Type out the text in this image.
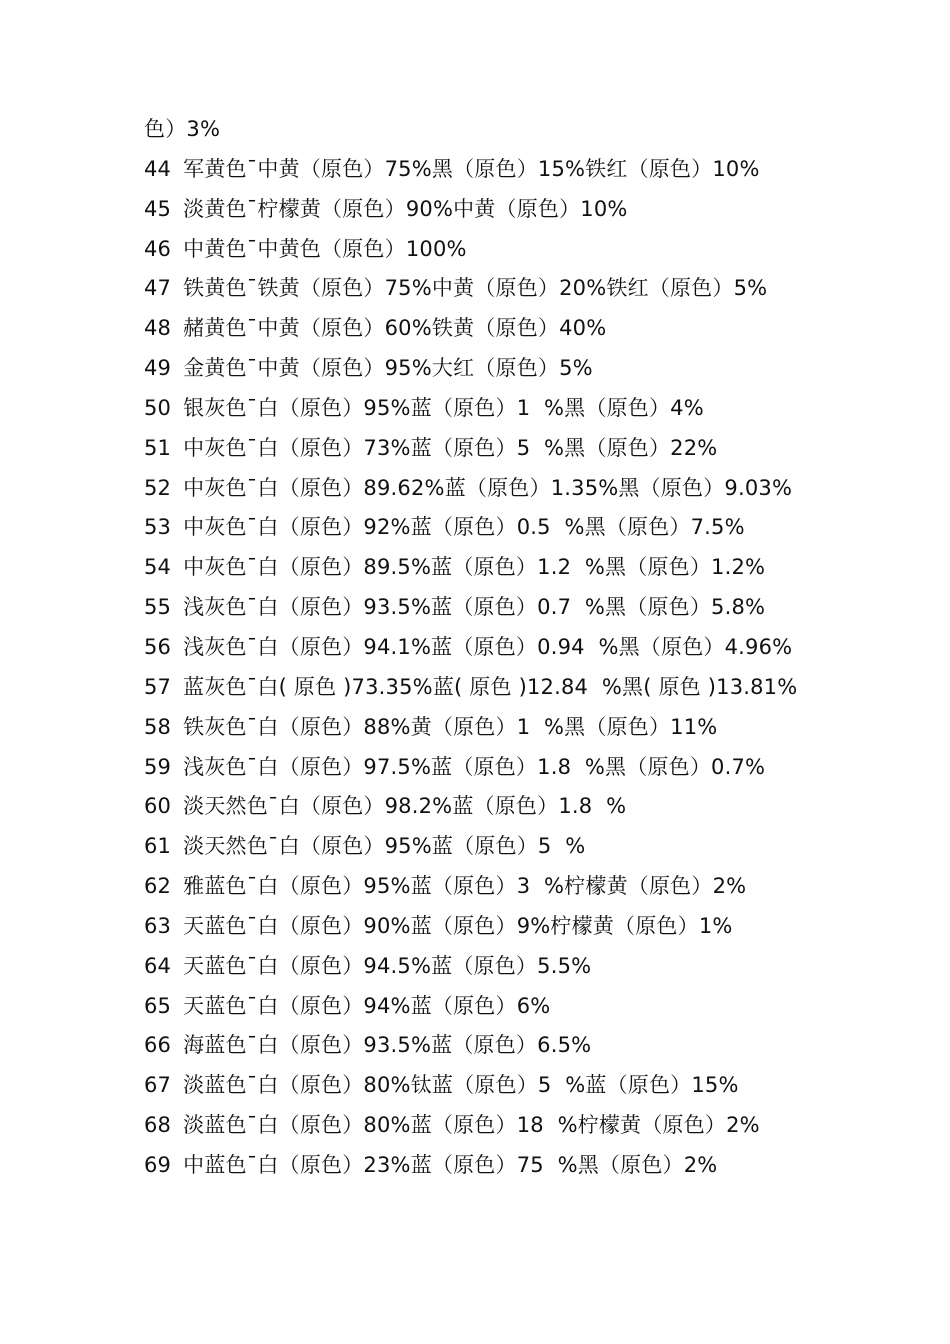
色）3%
44 军黄色¯中黄（原色）75%黑（原色）15%铁红（原色）10%
45 淡黄色¯柠檬黄（原色）90%中黄（原色）10%
46 中黄色¯中黄色（原色）100%
47 铁黄色¯铁黄（原色）75%中黄（原色）20%铁红（原色）5%
48 赭黄色¯中黄（原色）60%铁黄（原色）40%
49 金黄色¯中黄（原色）95%大红（原色）5%
50 银灰色¯白（原色）95%蓝（原色）1  %黑（原色）4%
51 中灰色¯白（原色）73%蓝（原色）5  %黑（原色）22%
52 中灰色¯白（原色）89.62%蓝（原色）1.35%黑（原色）9.03%
53 中灰色¯白（原色）92%蓝（原色）0.5  %黑（原色）7.5%
54 中灰色¯白（原色）89.5%蓝（原色）1.2  %黑（原色）1.2%
55 浅灰色¯白（原色）93.5%蓝（原色）0.7  %黑（原色）5.8%
56 浅灰色¯白（原色）94.1%蓝（原色）0.94  %黑（原色）4.96%
57 蓝灰色¯白( 原色 )73.35%蓝( 原色 )12.84  %黑( 原色 )13.81%
58 铁灰色¯白（原色）88%黄（原色）1  %黑（原色）11%
59 浅灰色¯白（原色）97.5%蓝（原色）1.8  %黑（原色）0.7%
60 淡天然色¯白（原色）98.2%蓝（原色）1.8  %
61 淡天然色¯白（原色）95%蓝（原色）5  %
62 雅蓝色¯白（原色）95%蓝（原色）3  %柠檬黄（原色）2%
63 天蓝色¯白（原色）90%蓝（原色）9%柠檬黄（原色）1%
64 天蓝色¯白（原色）94.5%蓝（原色）5.5%
65 天蓝色¯白（原色）94%蓝（原色）6%
66 海蓝色¯白（原色）93.5%蓝（原色）6.5%
67 淡蓝色¯白（原色）80%钛蓝（原色）5  %蓝（原色）15%
68 淡蓝色¯白（原色）80%蓝（原色）18  %柠檬黄（原色）2%
69 中蓝色¯白（原色）23%蓝（原色）75  %黑（原色）2%
